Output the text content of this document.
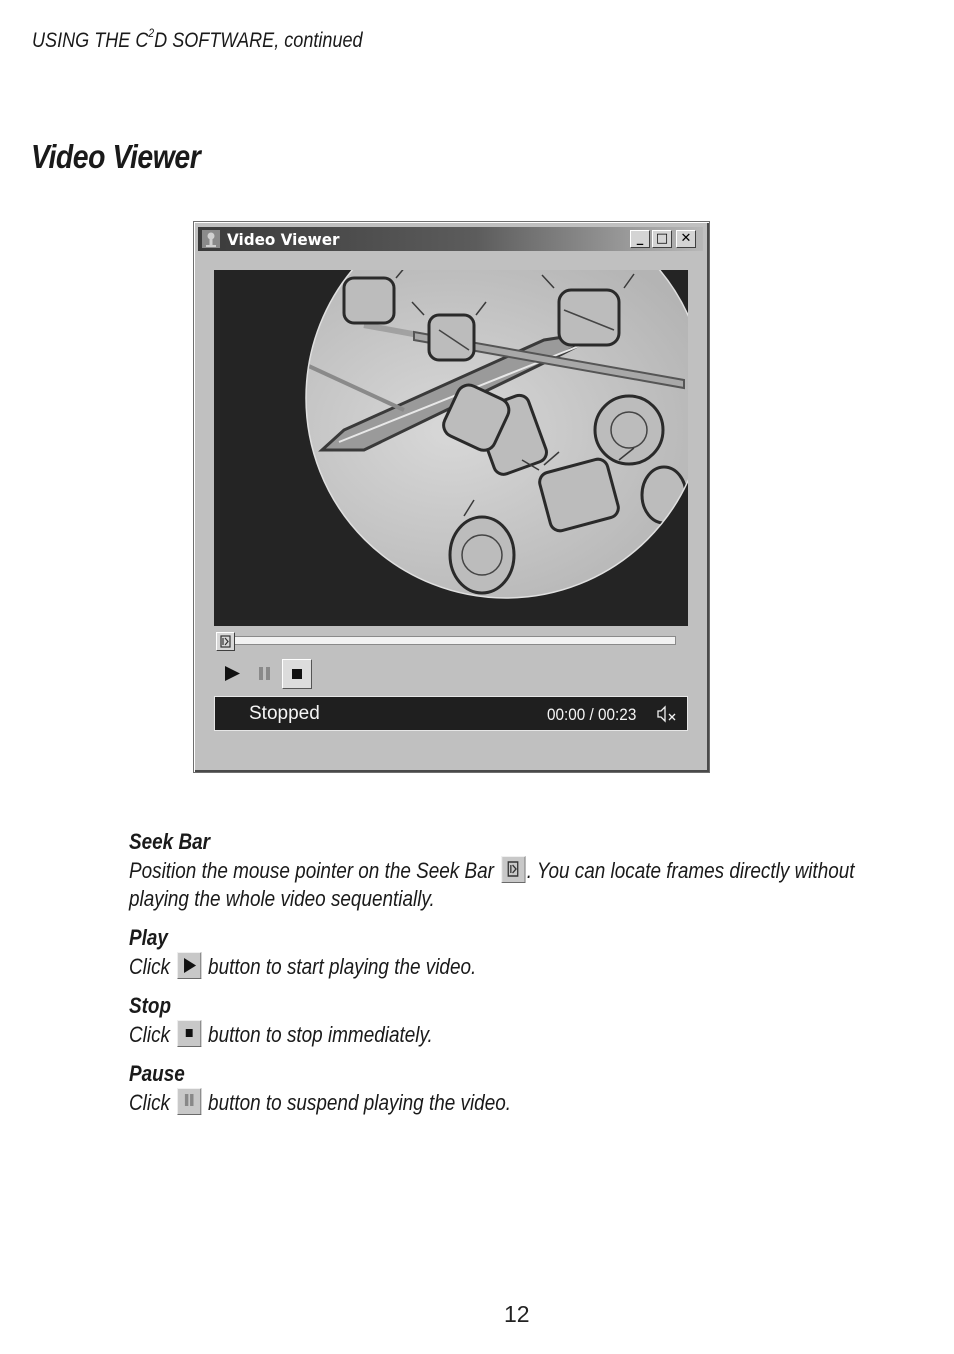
USING THE $C^2D$ SOFTWARE, continued
Video Viewer
Video Viewer	_ □ ✕
Stopped	00:00 / 00:23
Seek Bar
Position the mouse pointer on the Seek Bar . You can locate frames directly without
playing the whole video sequentially.
Play
Click button to start playing the video.
Stop
Click button to stop immediately.
Pause
Click button to suspend playing the video.
12
